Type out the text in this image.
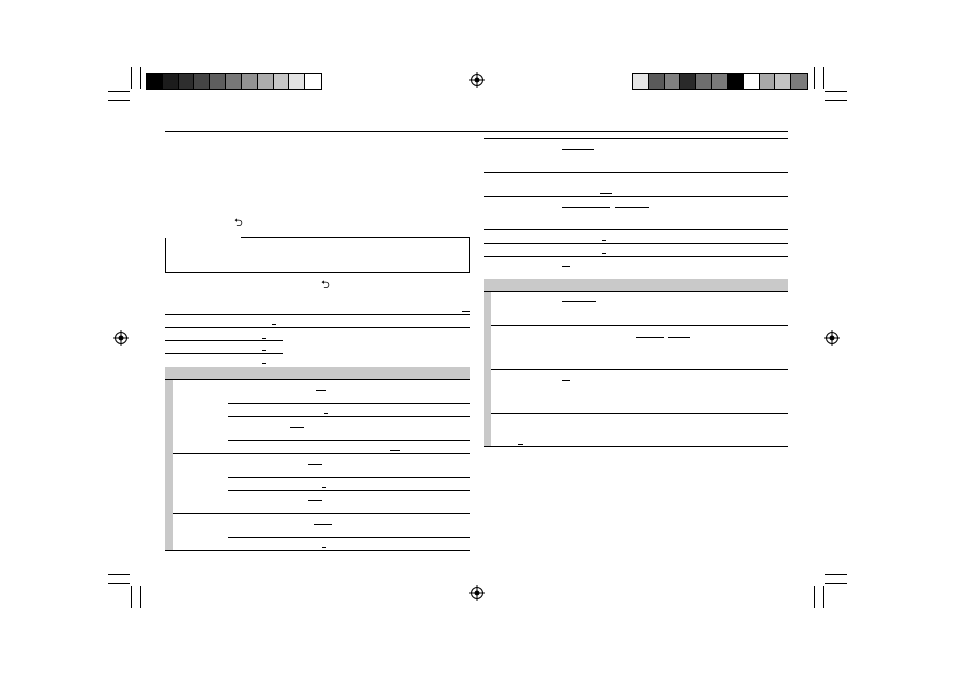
⮌
⮌
